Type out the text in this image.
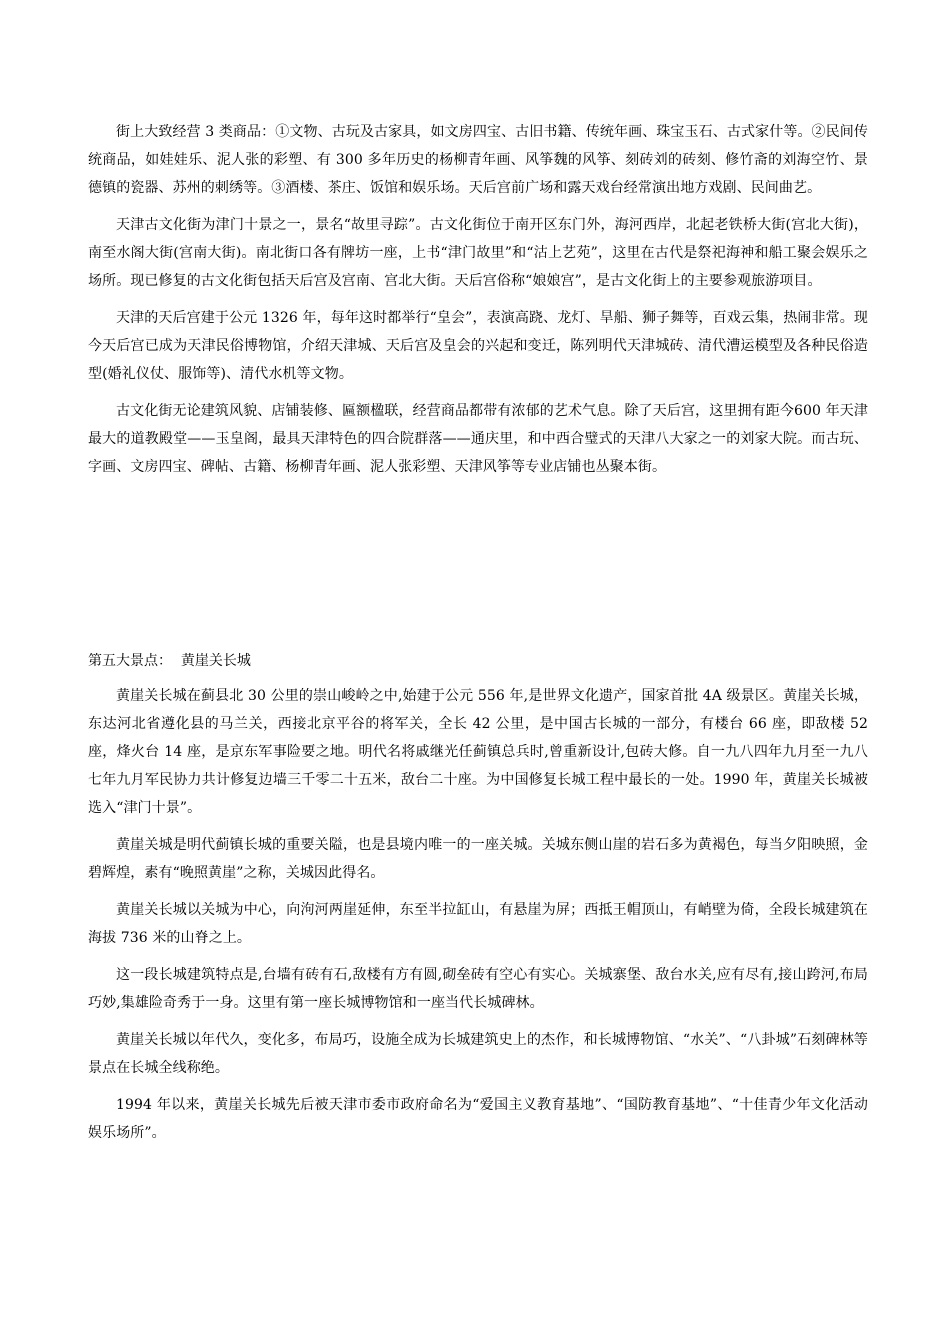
街上大致经营 3 类商品：①文物、古玩及古家具，如文房四宝、古旧书籍、传统年画、珠宝玉石、古式家什等。②民间传统商品，如娃娃乐、泥人张的彩塑、有 300 多年历史的杨柳青年画、风筝魏的风筝、刻砖刘的砖刻、修竹斋的刘海空竹、景德镇的瓷器、苏州的刺绣等。③酒楼、茶庄、饭馆和娱乐场。天后宫前广场和露天戏台经常演出地方戏剧、民间曲艺。

天津古文化街为津门十景之一，景名“故里寻踪”。古文化街位于南开区东门外，海河西岸，北起老铁桥大街(宫北大街)，南至水阁大街(宫南大街)。南北街口各有牌坊一座，上书“津门故里”和“沽上艺苑”，这里在古代是祭祀海神和船工聚会娱乐之场所。现已修复的古文化街包括天后宫及宫南、宫北大街。天后宫俗称“娘娘宫”，是古文化街上的主要参观旅游项目。

天津的天后宫建于公元 1326 年，每年这时都举行“皇会”，表演高跷、龙灯、旱船、狮子舞等，百戏云集，热闹非常。现今天后宫已成为天津民俗博物馆，介绍天津城、天后宫及皇会的兴起和变迁，陈列明代天津城砖、清代漕运模型及各种民俗造型(婚礼仪仗、服饰等)、清代水机等文物。

古文化街无论建筑风貌、店铺装修、匾额楹联，经营商品都带有浓郁的艺术气息。除了天后宫，这里拥有距今600 年天津最大的道教殿堂——玉皇阁，最具天津特色的四合院群落——通庆里，和中西合璧式的天津八大家之一的刘家大院。而古玩、字画、文房四宝、碑帖、古籍、杨柳青年画、泥人张彩塑、天津风筝等专业店铺也丛聚本街。

第五大景点：  黄崖关长城

黄崖关长城在蓟县北 30 公里的崇山峻岭之中,始建于公元 556 年,是世界文化遗产，国家首批 4A 级景区。黄崖关长城，东达河北省遵化县的马兰关，西接北京平谷的将军关，全长 42 公里，是中国古长城的一部分，有楼台 66 座，即敌楼 52 座，烽火台 14 座，是京东军事险要之地。明代名将戚继光任蓟镇总兵时,曾重新设计,包砖大修。自一九八四年九月至一九八七年九月军民协力共计修复边墙三千零二十五米，敌台二十座。为中国修复长城工程中最长的一处。1990 年，黄崖关长城被选入“津门十景”。

黄崖关城是明代蓟镇长城的重要关隘，也是县境内唯一的一座关城。关城东侧山崖的岩石多为黄褐色，每当夕阳映照，金碧辉煌，素有“晚照黄崖”之称，关城因此得名。

黄崖关长城以关城为中心，向泃河两崖延伸，东至半拉缸山，有悬崖为屏；西抵王帽顶山，有峭壁为倚，全段长城建筑在海拔 736 米的山脊之上。

这一段长城建筑特点是,台墙有砖有石,敌楼有方有圆,砌垒砖有空心有实心。关城寨堡、敌台水关,应有尽有,接山跨河,布局巧妙,集雄险奇秀于一身。这里有第一座长城博物馆和一座当代长城碑林。

黄崖关长城以年代久，变化多，布局巧，设施全成为长城建筑史上的杰作，和长城博物馆、“水关”、“八卦城”石刻碑林等景点在长城全线称绝。

1994 年以来，黄崖关长城先后被天津市委市政府命名为“爱国主义教育基地”、“国防教育基地”、“十佳青少年文化活动娱乐场所”。
